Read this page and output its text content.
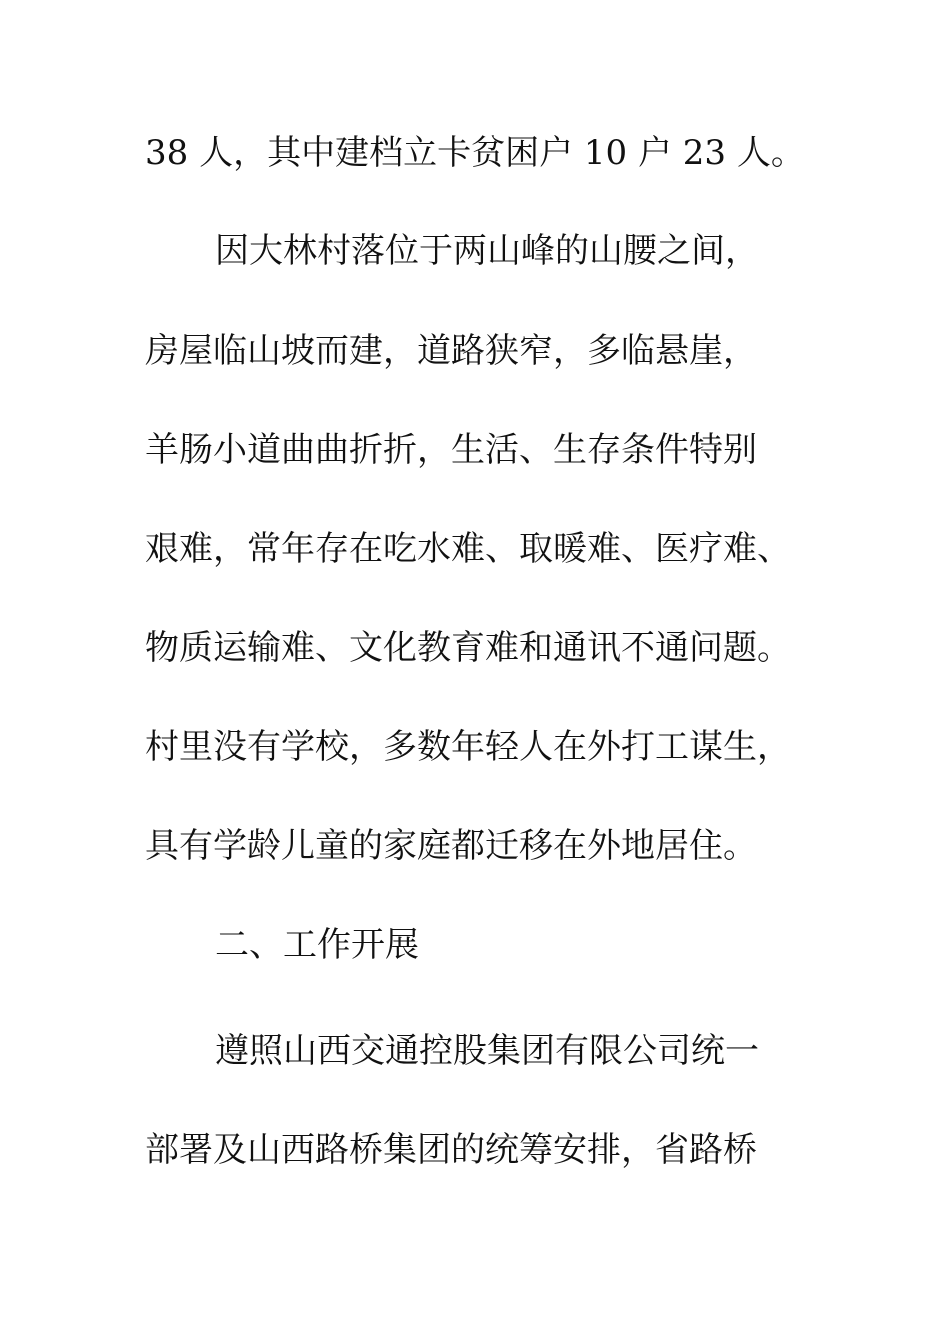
38 人，其中建档立卡贫困户 10 户 23 人。
因大林村落位于两山峰的山腰之间，
房屋临山坡而建，道路狭窄，多临悬崖，
羊肠小道曲曲折折，生活、生存条件特别
艰难，常年存在吃水难、取暖难、医疗难、
物质运输难、文化教育难和通讯不通问题。
村里没有学校，多数年轻人在外打工谋生，
具有学龄儿童的家庭都迁移在外地居住。
二、工作开展
遵照山西交通控股集团有限公司统一
部署及山西路桥集团的统筹安排，省路桥
